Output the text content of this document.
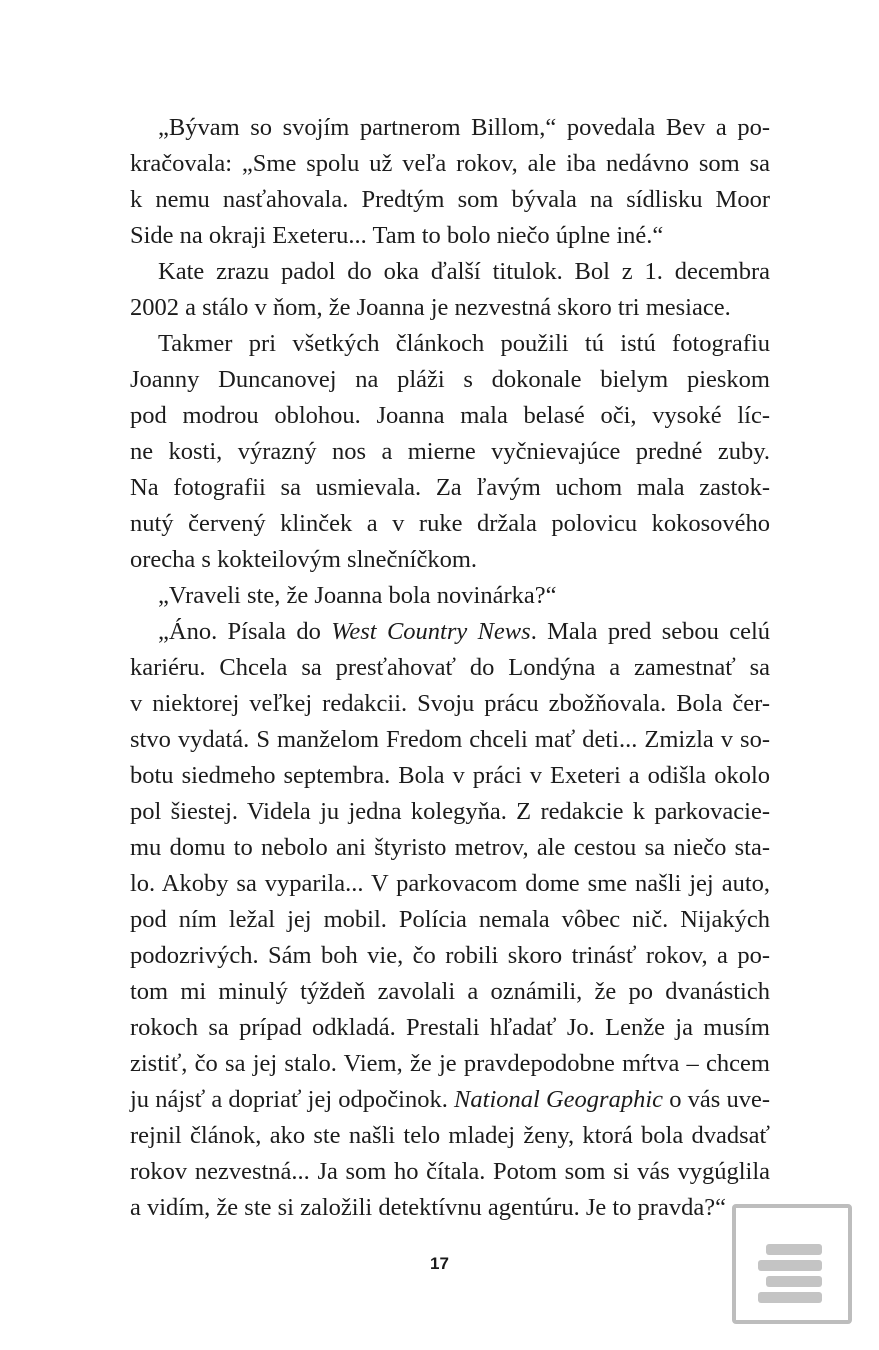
„Bývam so svojím partnerom Billom,“ povedala Bev a po-
kračovala: „Sme spolu už veľa rokov, ale iba nedávno som sa
k nemu nasťahovala. Predtým som bývala na sídlisku Moor
Side na okraji Exeteru... Tam to bolo niečo úplne iné.“
Kate zrazu padol do oka ďalší titulok. Bol z 1. decembra
2002 a stálo v ňom, že Joanna je nezvestná skoro tri mesiace.
Takmer pri všetkých článkoch použili tú istú fotografiu
Joanny Duncanovej na pláži s dokonale bielym pieskom
pod modrou oblohou. Joanna mala belasé oči, vysoké líc-
ne kosti, výrazný nos a mierne vyčnievajúce predné zuby.
Na fotografii sa usmievala. Za ľavým uchom mala zastok-
nutý červený klinček a v ruke držala polovicu kokosového
orecha s kokteilovým slnečníčkom.
„Vraveli ste, že Joanna bola novinárka?“
„Áno. Písala do West Country News. Mala pred sebou celú
kariéru. Chcela sa presťahovať do Londýna a zamestnať sa
v niektorej veľkej redakcii. Svoju prácu zbožňovala. Bola čer-
stvo vydatá. S manželom Fredom chceli mať deti... Zmizla v so-
botu siedmeho septembra. Bola v práci v Exeteri a odišla okolo
pol šiestej. Videla ju jedna kolegyňa. Z redakcie k parkovacie-
mu domu to nebolo ani štyristo metrov, ale cestou sa niečo sta-
lo. Akoby sa vyparila... V parkovacom dome sme našli jej auto,
pod ním ležal jej mobil. Polícia nemala vôbec nič. Nijakých
podozrivých. Sám boh vie, čo robili skoro trinásť rokov, a po-
tom mi minulý týždeň zavolali a oznámili, že po dvanástich
rokoch sa prípad odkladá. Prestali hľadať Jo. Lenže ja musím
zistiť, čo sa jej stalo. Viem, že je pravdepodobne mŕtva – chcem
ju nájsť a dopriať jej odpočinok. National Geographic o vás uve-
rejnil článok, ako ste našli telo mladej ženy, ktorá bola dvadsať
rokov nezvestná... Ja som ho čítala. Potom som si vás vygúglila
a vidím, že ste si založili detektívnu agentúru. Je to pravda?“
17
